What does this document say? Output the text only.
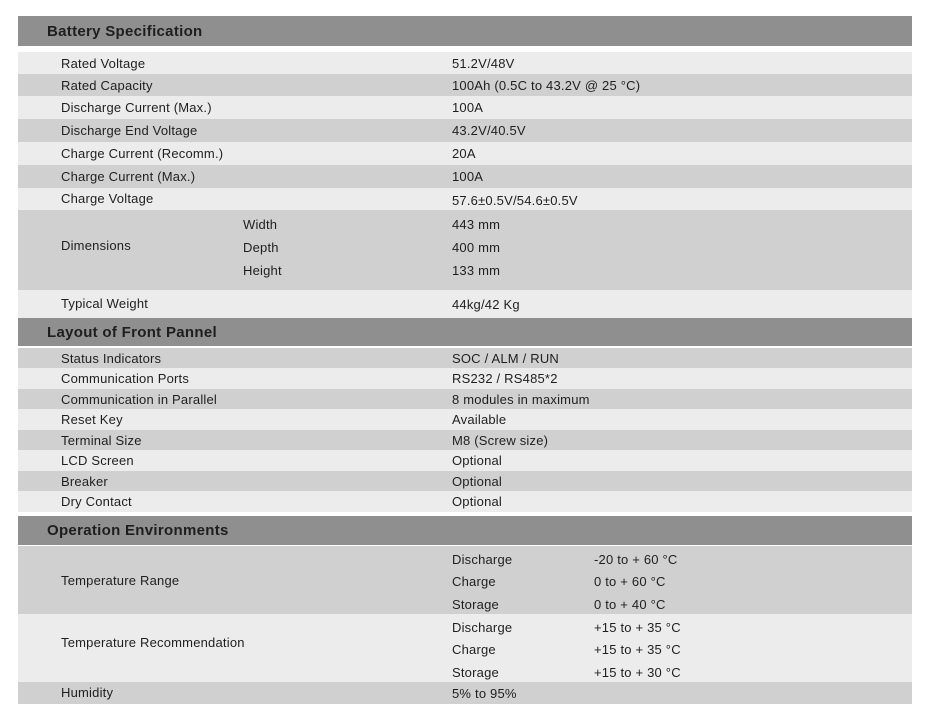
Battery Specification
Rated Voltage	51.2V/48V
Rated Capacity	100Ah (0.5C to 43.2V @ 25 °C)
Discharge Current (Max.)	100A
Discharge End Voltage	43.2V/40.5V
Charge Current (Recomm.)	20A
Charge Current (Max.)	100A
Charge Voltage	57.6±0.5V/54.6±0.5V
Dimensions
Width	443 mm
Depth	400 mm
Height	133 mm
Typical Weight	44kg/42 Kg
Layout of Front Pannel
Status Indicators	SOC / ALM / RUN
Communication Ports	RS232 / RS485*2
Communication in Parallel	8 modules in maximum
Reset Key	Available
Terminal Size	M8 (Screw size)
LCD Screen	Optional
Breaker	Optional
Dry Contact	Optional
Operation Environments
Temperature Range
Discharge	-20 to + 60 °C
Charge	0 to + 60 °C
Storage	0 to + 40 °C
Temperature Recommendation
Discharge	+15 to + 35 °C
Charge	+15 to + 35 °C
Storage	+15 to + 30 °C
Humidity	5% to 95%
